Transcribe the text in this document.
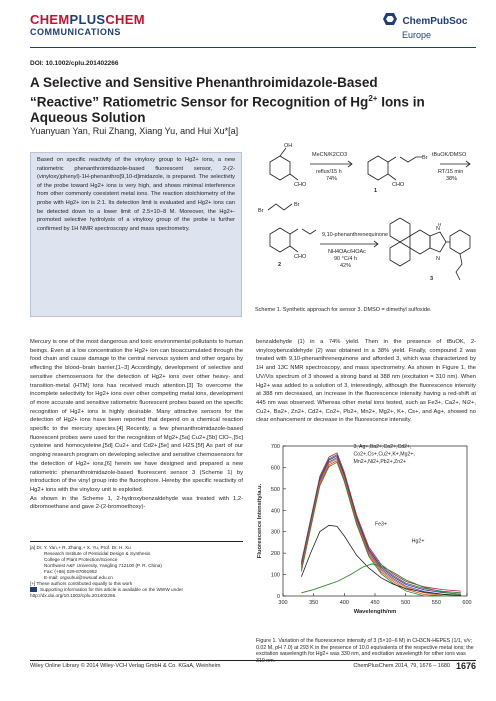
CHEMPLUSCHEM
COMMUNICATIONS
ChemPubSoc
Europe
DOI: 10.1002/cplu.201402266
A Selective and Sensitive Phenanthroimidazole-Based “Reactive” Ratiometric Sensor for Recognition of $Hg^{2+}$ Ions in Aqueous Solution
Yuanyuan Yan, Rui Zhang, Xiang Yu, and Hui Xu*[a]

Based on specific reactivity of the vinyloxy group to Hg2+ ions, a new ratiometric phenanthroimidazole-based fluorescent sensor, 2-(2-(vinyloxy)phenyl)-1H-phenanthro[9,10-d]imidazole, is prepared. The selectivity of the probe toward Hg2+ ions is very high, and shows minimal interference from other commonly coexistent metal ions. The reaction stoichiometry of the probe with Hg2+ ion is 2:1. Its detection limit is evaluated and Hg2+ ions can be detected down to a lower limit of 2.5×10−8 M. Moreover, the Hg2+-promoted selective hydrolysis of a vinyloxy group of the probe is further confirmed by 1H NMR spectroscopy and mass spectrometry.

OH
CHO
MeCN/K2CO3
reflux/15 h
74%
Br
CHO
1
tBuOK/DMSO
RT/15 min
38%
Br
Br
CHO
2
9,10-phenanthrenequinone
NH4OAc/HOAc
90 °C/4 h
42%
N
H
N
3
Scheme 1. Synthetic approach for sensor 3. DMSO = dimethyl sulfoxide.

Mercury is one of the most dangerous and toxic environmental pollutants to human beings. Even at a low concentration the Hg2+ ion can bioaccumulated through the food chain and cause damage to the central nervous system and other organs by effecting the blood–brain barrier.[1–3] Accordingly, development of selective and sensitive chemosensors for the detection of Hg2+ ions over other heavy- and transition-metal (HTM) ions has received much attention.[3] To overcome the incomplete selectivity for Hg2+ ions over other competing metal ions, development of more accurate and sensitive ratiometric fluorescent probes based on the specific recognition of Hg2+ ions is highly desirable. Many attractive sensors for the detection of Hg2+ ions have been reported that depend on a chemical reaction specific to the mercury species.[4] Recently, a few phenanthroimidazole-based fluorescent probes were used for the recognition of Mg2+,[5a] Cu2+,[5b] ClO−,[5c] cysteine and homocysteine,[5d] Cu2+ and Cd2+,[5e] and H2S.[5f] As part of our ongoing research program on developing selective and sensitive chemosensors for the detection of Hg2+ ions,[6] herein we have designed and prepared a new ratiometric phenanthroimidazole-based fluorescent sensor 3 (Scheme 1) by introduction of the vinyl group into the fluorophore. Hereby the specific reactivity of Hg2+ ions with the vinyloxy unit is exploited.
As shown in the Scheme 1, 2-hydroxybenzaldehyde was treated with 1,2-dibromoethane and gave 2-(2-bromoethoxy)-

benzaldehyde (1) in a 74% yield. Then in the presence of tBuOK, 2-vinyloxybenzaldehyde (2) was obtained in a 38% yield. Finally, compound 2 was treated with 9,10-phenanthrenequinone and afforded 3, which was characterized by 1H and 13C NMR spectroscopy, and mass spectrometry. As shown in Figure 1, the UV/Vis spectrum of 3 showed a strong band at 388 nm (excitation = 310 nm). When Hg2+ was added to a solution of 3, interestingly, although the fluorescence intensity at 388 nm decreased, an increase in the fluorescence intensity having a red-shift at 445 nm was observed. Whereas other metal ions tested, such as Fe3+, Ca2+, Ni2+, Cu2+, Ba2+, Zn2+, Cd2+, Co2+, Pb2+, Mn2+, Mg2+, K+, Cs+, and Ag+, showed no clear enhancement or decrease in the fluorescence intensity.

[a] Dr. Y. Yan,+ R. Zhang,+ X. Yu, Prof. Dr. H. Xu
Research Institute of Pesticidal Design & Synthesis
College of Plant Protection/Science
Northwest A&F University, Yangling 712100 (P. R. China)
Fax: (+86) 029-87091952
E-mail: orgxuhui@nwsuaf.edu.cn
[+] These authors contributed equally to this work
Supporting information for this article is available on the WWW under http://dx.doi.org/10.1002/cplu.201402266.
300	350	400	450	500	550	600
0
100
200
300
400
500
600
700
Wavelength/nm
Fluorescence Intensity/a.u.
3, Ag+,Ba2+,Ca2+,Cd2+,
Co2+,Cs+,Cu2+,K+,Mg2+,
Mn2+,Ni2+,Pb2+,Zn2+
Fe3+
Hg2+
Figure 1. Variation of the fluorescence intensity of 3 (5×10−6 M) in CH3CN-HEPES (1/1, v/v; 0.02 M, pH 7.0) at 293 K in the presence of 10.0 equivalents of the respective metal ions; the excitation wavelength for Hg2+ was 330 nm, and excitation wavelength for other ions was
Wiley Online Library © 2014 Wiley-VCH Verlag GmbH & Co. KGaA, Weinheim	ChemPlusChem 2014, 79, 1676 – 1680 1676
